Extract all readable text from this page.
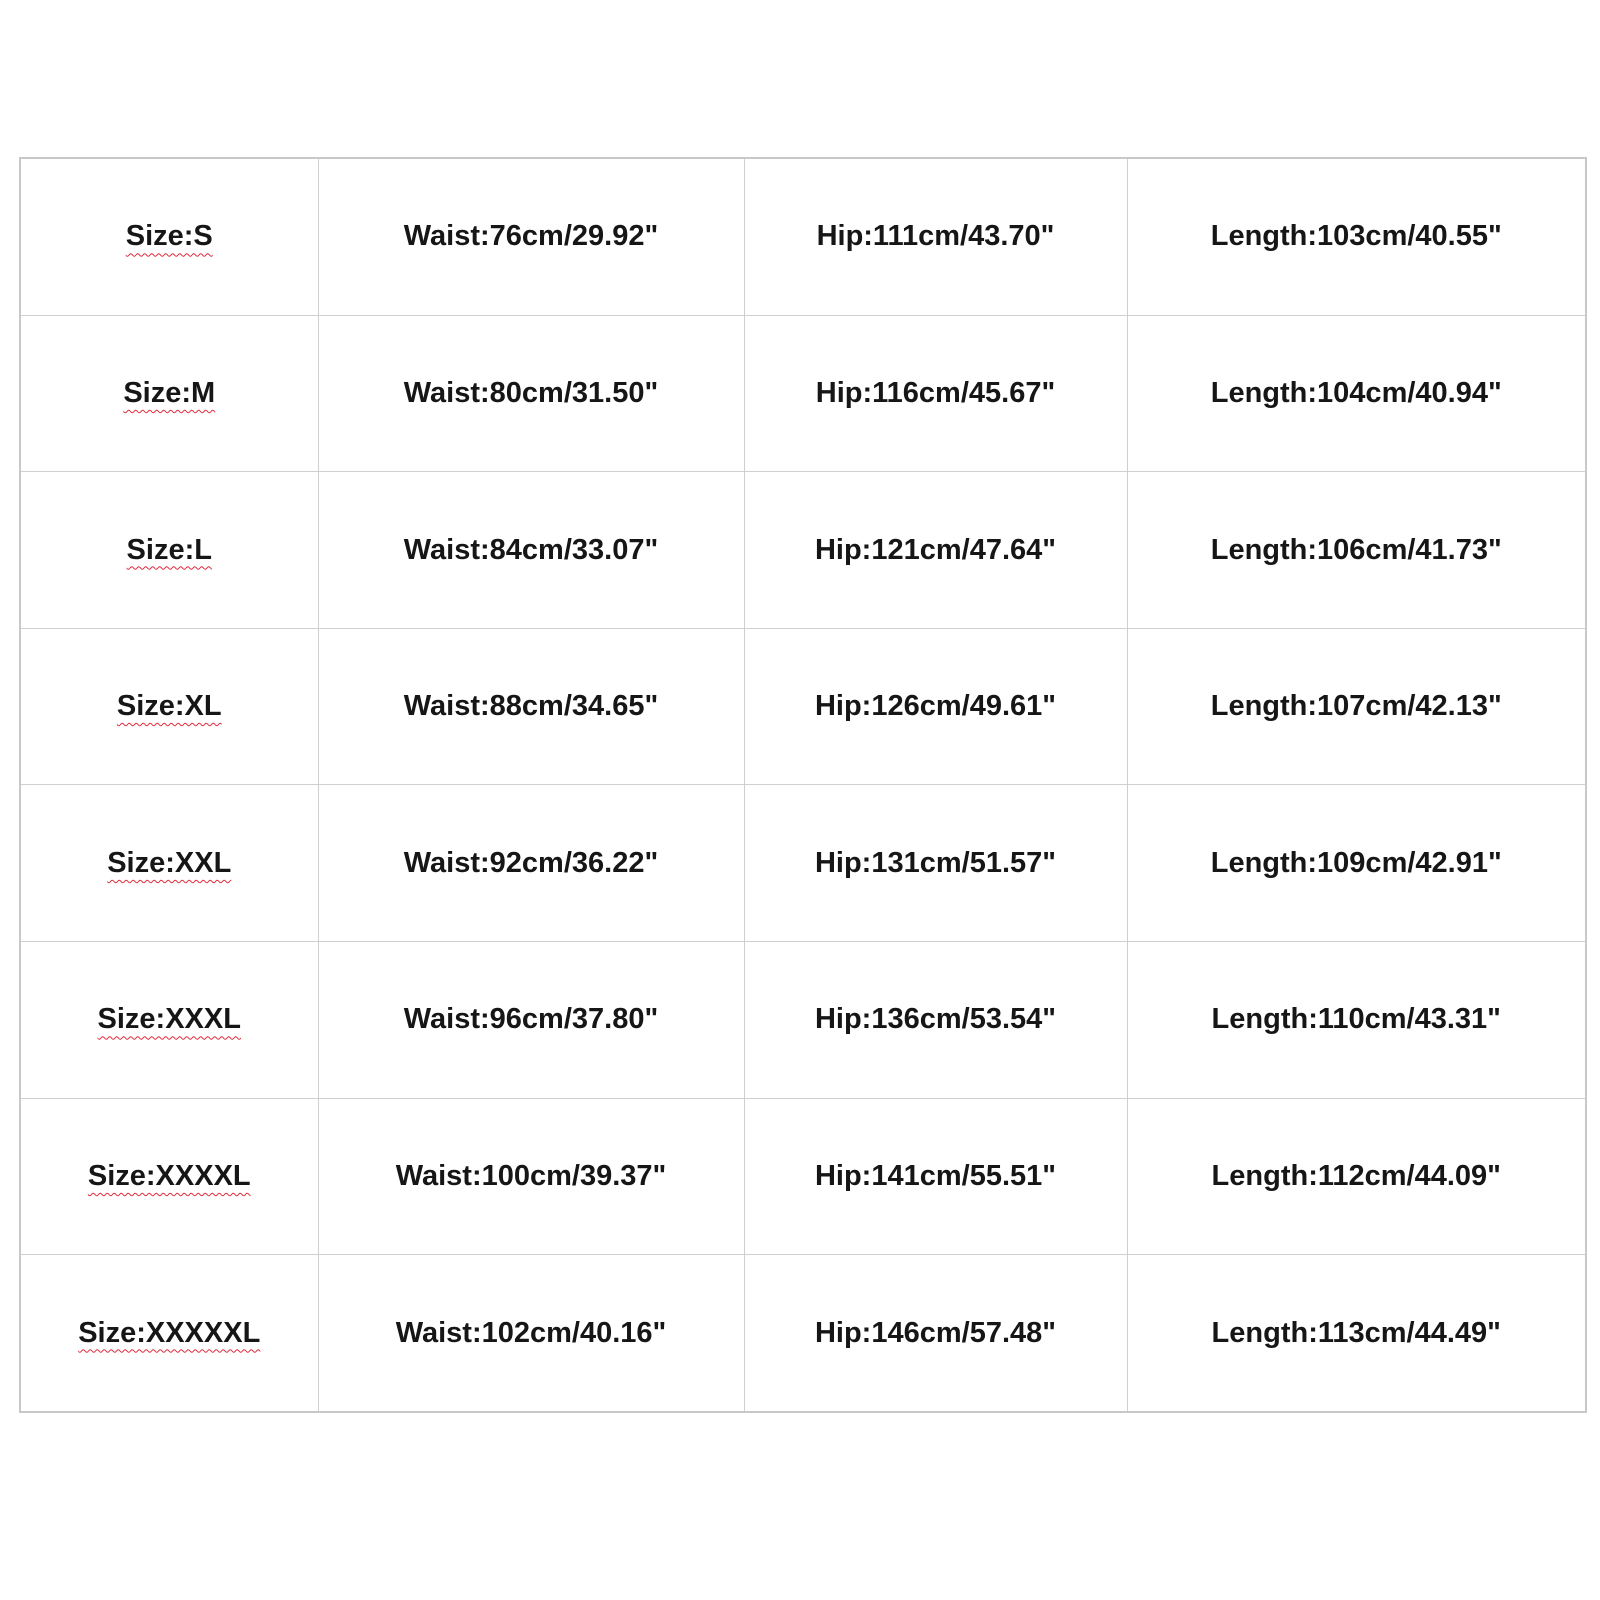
Size:S	Waist:76cm/29.92"	Hip:111cm/43.70"	Length:103cm/40.55"
Size:M	Waist:80cm/31.50"	Hip:116cm/45.67"	Length:104cm/40.94"
Size:L	Waist:84cm/33.07"	Hip:121cm/47.64"	Length:106cm/41.73"
Size:XL	Waist:88cm/34.65"	Hip:126cm/49.61"	Length:107cm/42.13"
Size:XXL	Waist:92cm/36.22"	Hip:131cm/51.57"	Length:109cm/42.91"
Size:XXXL	Waist:96cm/37.80"	Hip:136cm/53.54"	Length:110cm/43.31"
Size:XXXXL	Waist:100cm/39.37"	Hip:141cm/55.51"	Length:112cm/44.09"
Size:XXXXXL	Waist:102cm/40.16"	Hip:146cm/57.48"	Length:113cm/44.49"
